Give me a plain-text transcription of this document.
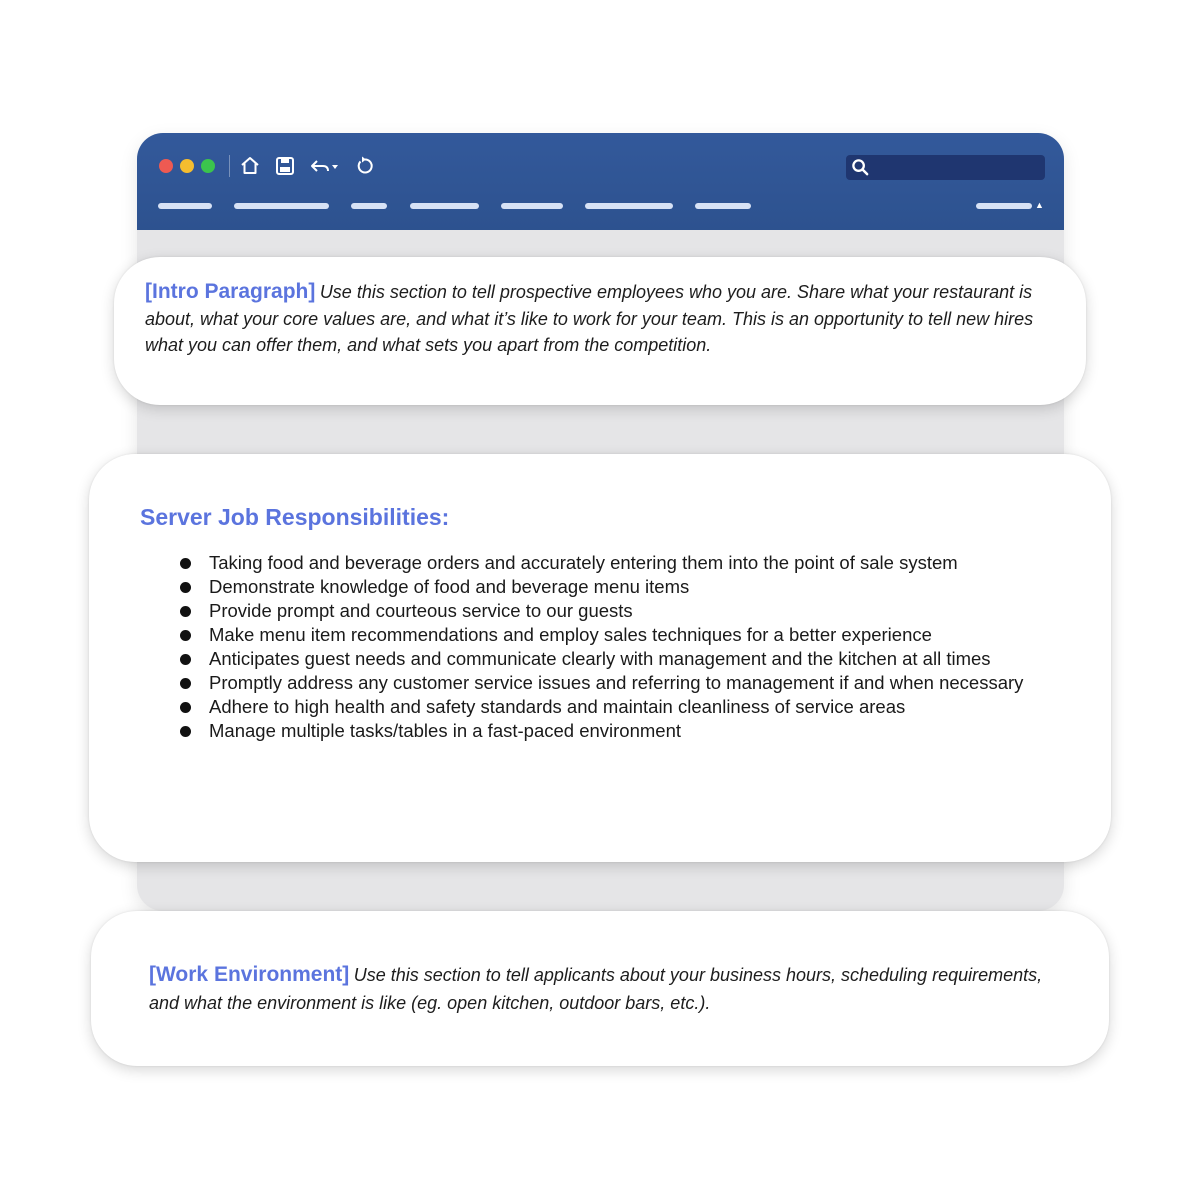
▲

[Intro Paragraph] Use this section to tell prospective employees who you are. Share what your restaurant is about, what your core values are, and what it’s like to work for your team. This is an opportunity to tell new hires what you can offer them, and what sets you apart from the competition.

Server Job Responsibilities:
Taking food and beverage orders and accurately entering them into the point of sale system
Demonstrate knowledge of food and beverage menu items
Provide prompt and courteous service to our guests
Make menu item recommendations and employ sales techniques for a better experience
Anticipates guest needs and communicate clearly with management and the kitchen at all times
Promptly address any customer service issues and referring to management if and when necessary
Adhere to high health and safety standards and maintain cleanliness of service areas
Manage multiple tasks/tables in a fast-paced environment

[Work Environment] Use this section to tell applicants about your business hours, scheduling requirements, and what the environment is like (eg. open kitchen, outdoor bars, etc.).
